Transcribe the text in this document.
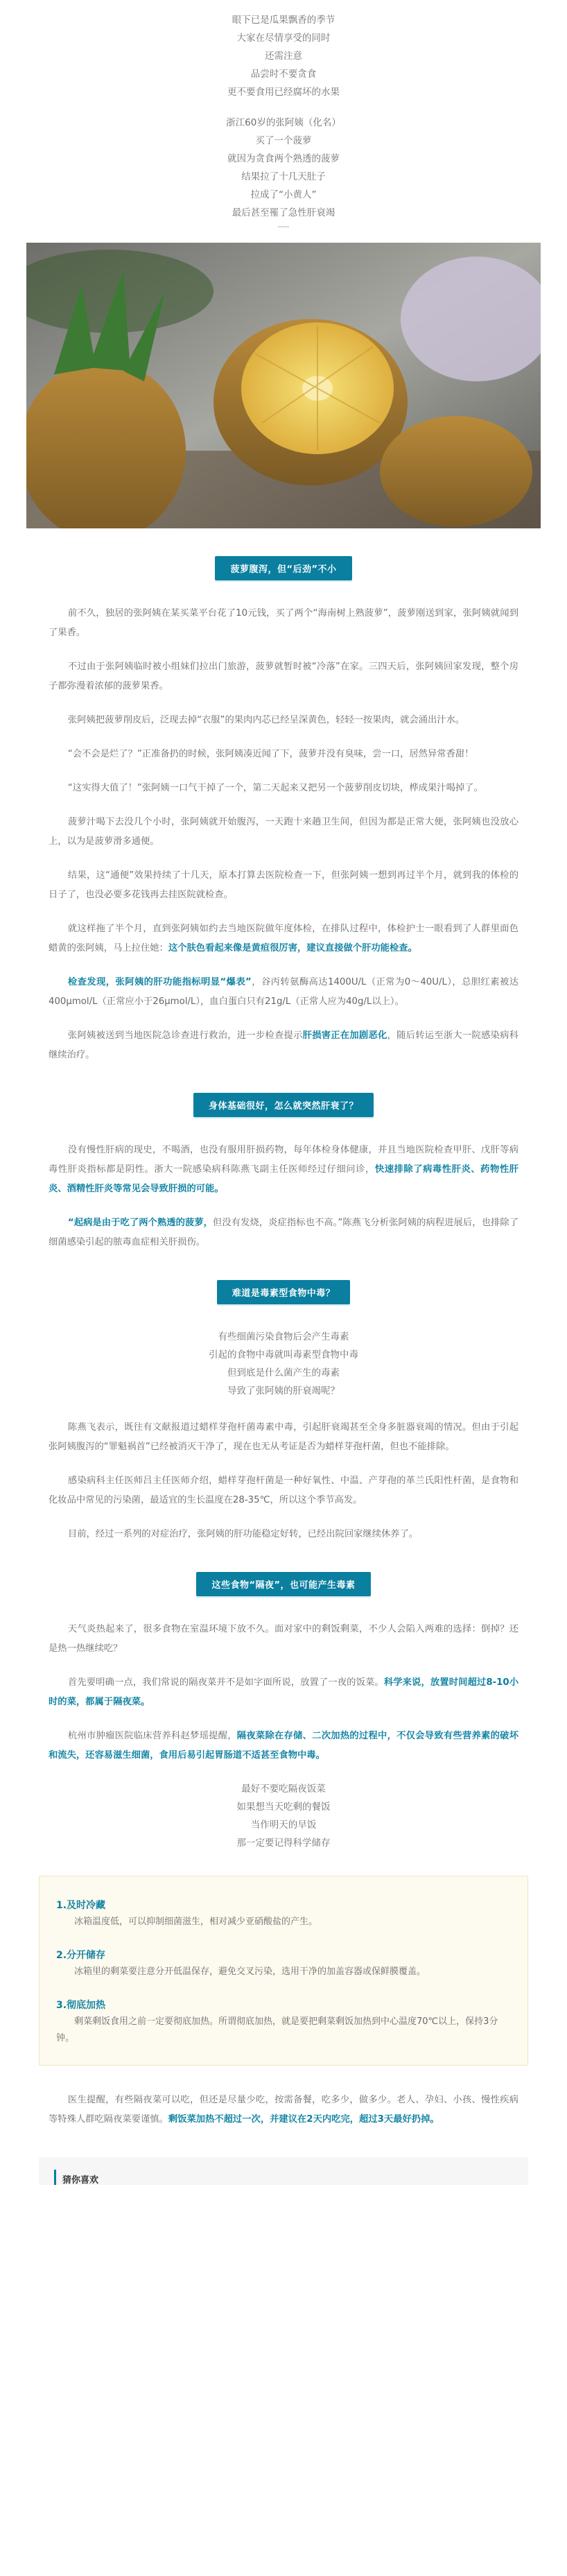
眼下已是瓜果飘香的季节
大家在尽情享受的同时
还需注意
品尝时不要贪食
更不要食用已经腐坏的水果
浙江60岁的张阿姨（化名）
买了一个菠萝
就因为贪食两个熟透的菠萝
结果拉了十几天肚子
拉成了“小黄人”
最后甚至罹了急性肝衰竭
菠萝腹泻，但“后劲”不小

前不久，独居的张阿姨在某买菜平台花了10元钱，买了两个“海南树上熟菠萝”，菠萝刚送到家，张阿姨就闻到了果香。

不过由于张阿姨临时被小组妹们拉出门旅游，菠萝就暂时被“冷落”在家。三四天后，张阿姨回家发现，整个房子都弥漫着浓郁的菠萝果香。

张阿姨把菠萝削皮后，泛现去掉“衣服”的果肉内芯已经呈深黄色，轻轻一按果肉，就会涌出汁水。

“会不会是烂了？”正准备扔的时候，张阿姨凑近闻了下，菠萝并没有臭味，尝一口，居然异常香甜！

“这实得大值了！”张阿姨一口气干掉了一个，第二天起来又把另一个菠萝削皮切块，桦成果汁喝掉了。

菠萝汁喝下去没几个小时，张阿姨就开始腹泻，一天跑十来趟卫生间，但因为都是正常大便，张阿姨也没放心上，以为是菠萝滑多通便。

结果，这“通便”效果持续了十几天，原本打算去医院检查一下，但张阿姨一想到再过半个月，就到我的体检的日子了，也没必要多花钱再去挂医院就检查。

就这样拖了半个月，直到张阿姨如约去当地医院做年度体检，在排队过程中，体检护士一眼看到了人群里面色蜡黄的张阿姨，马上拉住她：这个肤色看起来像是黄疸很厉害，建议直接做个肝功能检查。

检查发现，张阿姨的肝功能指标明显“爆表”，谷丙转氨酶高达1400U/L（正常为0～40U/L），总胆红素被达400μmol/L（正常应小于26μmol/L），血白蛋白只有21g/L（正常人应为40g/L以上）。

张阿姨被送到当地医院急诊查进行救治，进一步检查提示肝损害正在加剧恶化，随后转运至浙大一院感染病科继续治疗。

身体基础很好，怎么就突然肝衰了？

没有慢性肝病的现史，不喝酒，也没有服用肝损药物，每年体检身体健康，并且当地医院检查甲肝、戊肝等病毒性肝炎指标都是阴性。浙大一院感染病科陈燕飞副主任医师经过仔细问诊，快速排除了病毒性肝炎、药物性肝炎、酒精性肝炎等常见会导致肝损的可能。

“起病是由于吃了两个熟透的菠萝，但没有发烧，炎症指标也不高。”陈燕飞分析张阿姨的病程进展后，也排除了细菌感染引起的脓毒血症相关肝损伤。

难道是毒素型食物中毒？
有些细菌污染食物后会产生毒素
引起的食物中毒就叫毒素型食物中毒
但到底是什么菌产生的毒素
导致了张阿姨的肝衰竭呢？

陈燕飞表示，既往有文献报道过蜡样芽孢杆菌毒素中毒，引起肝衰竭甚至全身多脏器衰竭的情况。但由于引起张阿姨腹泻的“罪魁祸首”已经被消灭干净了，现在也无从考证是否为蜡样芽孢杆菌，但也不能排除。

感染病科主任医师吕主任医师介绍，蜡样芽孢杆菌是一种好氧性、中温、产芽孢的革兰氏阳性杆菌，是食物和化妆品中常见的污染菌，最适宜的生长温度在28-35℃，所以这个季节高发。

目前，经过一系列的对症治疗，张阿姨的肝功能稳定好转，已经出院回家继续休养了。

这些食物“隔夜”，也可能产生毒素

天气炎热起来了，很多食物在室温环境下放不久。面对家中的剩饭剩菜，不少人会陷入两难的选择：倒掉？还是热一热继续吃？

首先要明确一点，我们常说的隔夜菜并不是如字面所说，放置了一夜的饭菜。科学来说，放置时间超过8-10小时的菜，都属于隔夜菜。

杭州市肿瘤医院临床营养科赵梦瑶提醒，隔夜菜除在存储、二次加热的过程中，不仅会导致有些营养素的破坏和流失，还容易滋生细菌，食用后易引起胃肠道不适甚至食物中毒。

最好不要吃隔夜饭菜
如果想当天吃剩的餐饭
当作明天的早饭
那一定要记得科学储存
1.及时冷藏
冰箱温度低，可以抑制细菌滋生，相对减少亚硝酸盐的产生。
2.分开储存
冰箱里的剩菜要注意分开低温保存，避免交叉污染，选用干净的加盖容器或保鲜膜覆盖。
3.彻底加热
剩菜剩饭食用之前一定要彻底加热。所谓彻底加热，就是要把剩菜剩饭加热到中心温度70℃以上，保持3分钟。

医生提醒，有些隔夜菜可以吃，但还是尽量少吃，按需备餐，吃多少，做多少。老人、孕妇、小孩、慢性疾病等特殊人群吃隔夜菜要谨慎。剩饭菜加热不超过一次，并建议在2天内吃完，超过3天最好扔掉。

猜你喜欢
